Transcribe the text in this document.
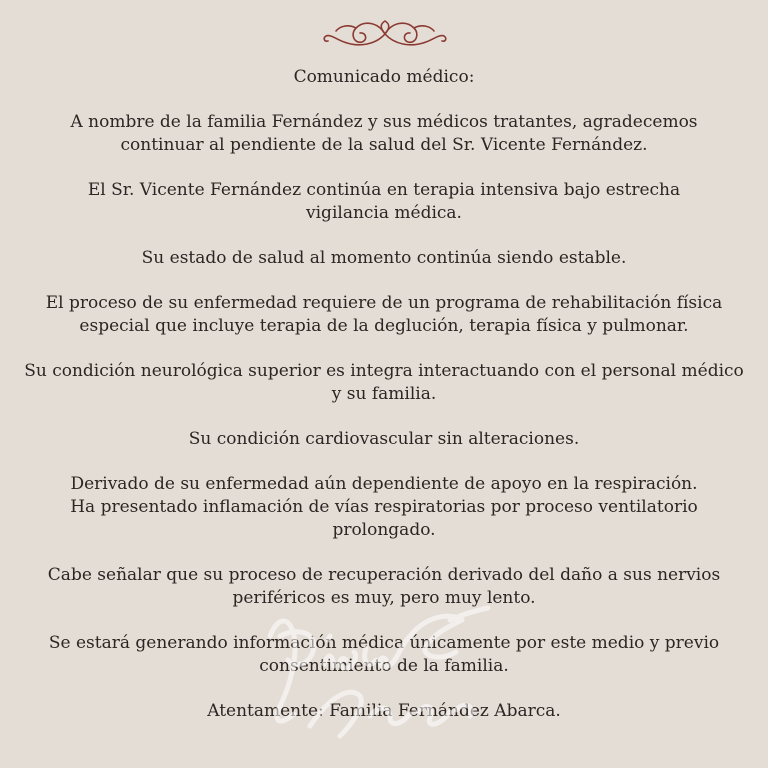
Comunicado médico:

A nombre de la familia Fernández y sus médicos tratantes, agradecemos

continuar al pendiente de la salud del Sr. Vicente Fernández.

El Sr. Vicente Fernández continúa en terapia intensiva bajo estrecha

vigilancia médica.

Su estado de salud al momento continúa siendo estable.

El proceso de su enfermedad requiere de un programa de rehabilitación física

especial que incluye terapia de la deglución, terapia física y pulmonar.

Su condición neurológica superior es integra interactuando con el personal médico

y su familia.

Su condición cardiovascular sin alteraciones.

Derivado de su enfermedad aún dependiente de apoyo en la respiración.

Ha presentado inflamación de vías respiratorias por proceso ventilatorio

prolongado.

Cabe señalar que su proceso de recuperación derivado del daño a sus nervios

periféricos es muy, pero muy lento.

Se estará generando información médica únicamente por este medio y previo

consentimiento de la familia.

Atentamente: Familia Fernández Abarca.
